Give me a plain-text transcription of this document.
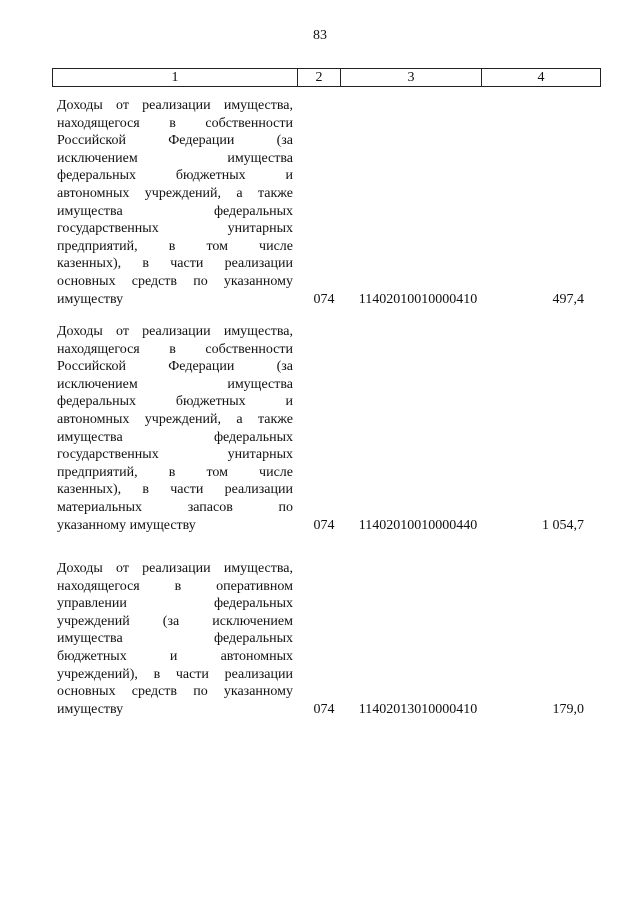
83
1	2	3	4
Доходы от реализации имущества,
находящегося в собственности
Российской Федерации (за
исключением имущества
федеральных бюджетных и
автономных учреждений, а также
имущества федеральных
государственных унитарных
предприятий, в том числе
казенных), в части реализации
основных средств по указанному
имуществу	074	11402010010000410	497,4
Доходы от реализации имущества,
находящегося в собственности
Российской Федерации (за
исключением имущества
федеральных бюджетных и
автономных учреждений, а также
имущества федеральных
государственных унитарных
предприятий, в том числе
казенных), в части реализации
материальных запасов по
указанному имуществу	074	11402010010000440	1 054,7
Доходы от реализации имущества,
находящегося в оперативном
управлении федеральных
учреждений (за исключением
имущества федеральных
бюджетных и автономных
учреждений), в части реализации
основных средств по указанному
имуществу	074	11402013010000410	179,0
